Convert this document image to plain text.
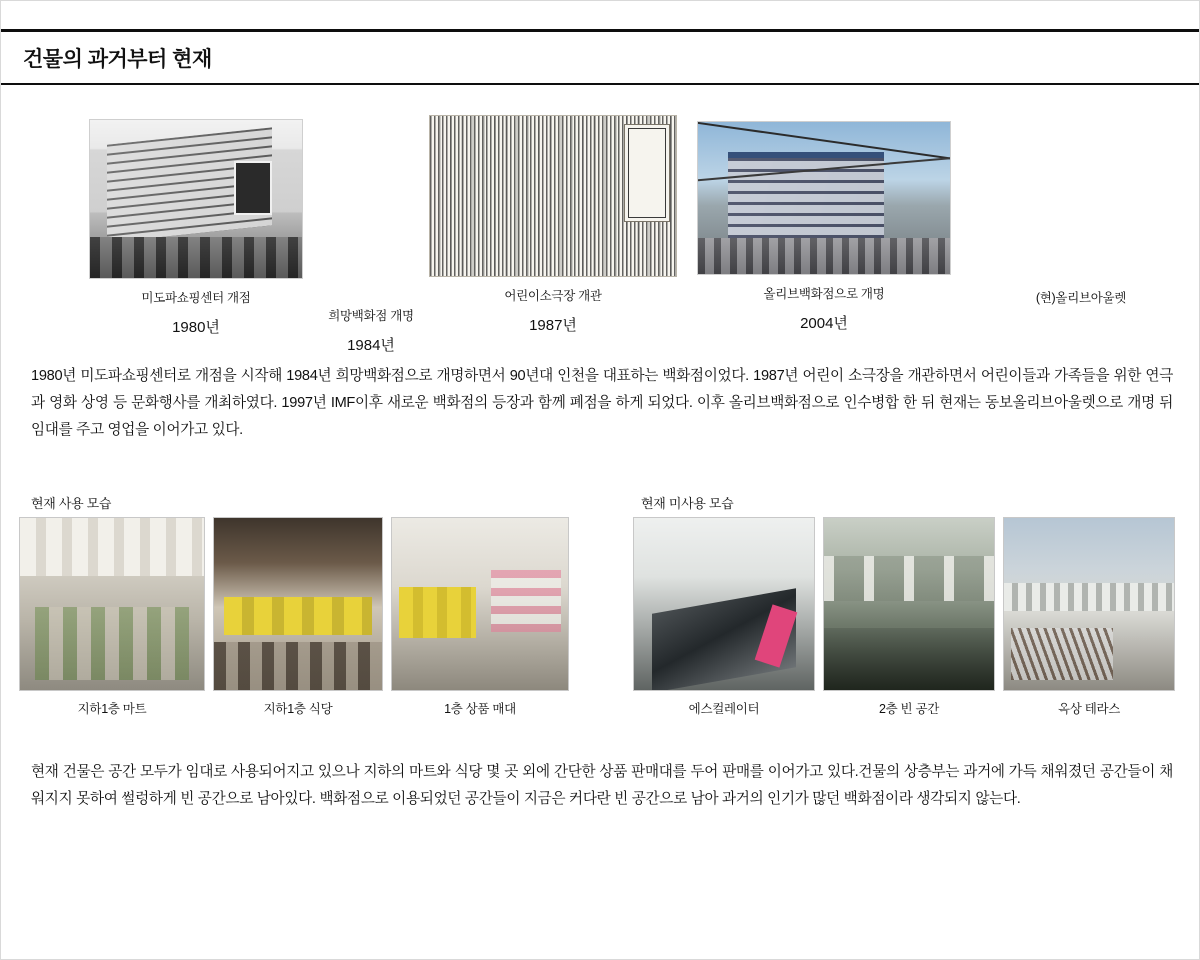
건물의 과거부터 현재
미도파쇼핑센터 개점
1980년
희망백화점 개명
1984년
어린이소극장 개관
1987년
올리브백화점으로 개명
2004년
(현)올리브아울렛
1980년 미도파쇼핑센터로 개점을 시작해 1984년 희망백화점으로 개명하면서 90년대 인천을 대표하는 백화점이었다. 1987년 어린이 소극장을 개관하면서 어린이들과 가족들을 위한 연극과 영화 상영 등 문화행사를 개최하였다. 1997년 IMF이후 새로운 백화점의 등장과 함께 폐점을 하게 되었다. 이후 올리브백화점으로 인수병합 한 뒤 현재는 동보올리브아울렛으로 개명 뒤 임대를 주고 영업을 이어가고 있다.
현재 사용 모습
지하1층 마트	지하1층 식당	1층 상품 매대
현재 미사용 모습
에스컬레이터	2층 빈 공간	옥상 테라스
현재 건물은 공간 모두가 임대로 사용되어지고 있으나 지하의 마트와 식당 몇 곳 외에 간단한 상품 판매대를 두어 판매를 이어가고 있다.건물의 상층부는 과거에 가득 채워졌던 공간들이 채워지지 못하여 썰렁하게 빈 공간으로 남아있다. 백화점으로 이용되었던 공간들이 지금은 커다란 빈 공간으로 남아 과거의 인기가 많던 백화점이라 생각되지 않는다.
